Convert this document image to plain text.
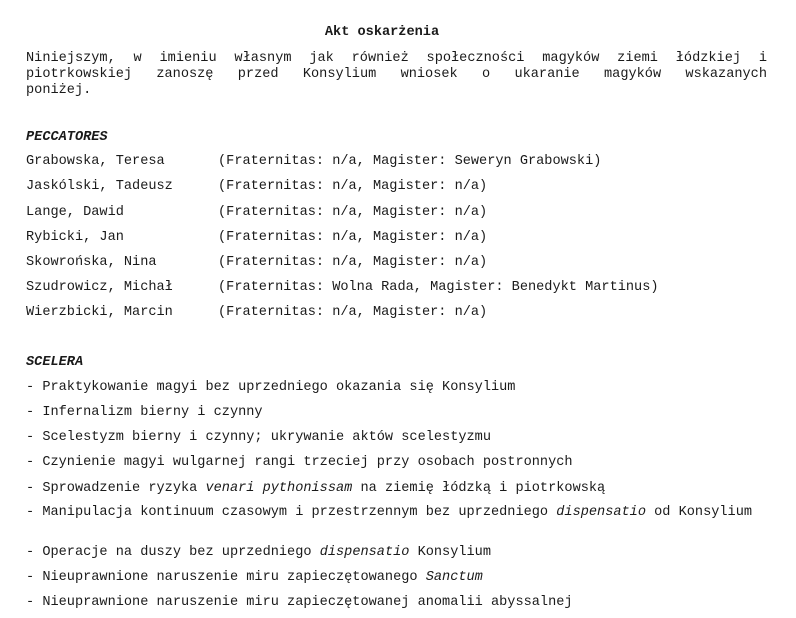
Akt oskarżenia
Niniejszym, w imieniu własnym jak również społeczności magyków ziemi łódzkiej i
piotrkowskiej zanoszę przed Konsylium wniosek o ukaranie magyków wskazanych
poniżej.
PECCATORES
Grabowska, Teresa	(Fraternitas: n/a, Magister: Seweryn Grabowski)
Jaskólski, Tadeusz	(Fraternitas: n/a, Magister: n/a)
Lange, Dawid	(Fraternitas: n/a, Magister: n/a)
Rybicki, Jan	(Fraternitas: n/a, Magister: n/a)
Skowrońska, Nina	(Fraternitas: n/a, Magister: n/a)
Szudrowicz, Michał	(Fraternitas: Wolna Rada, Magister: Benedykt Martinus)
Wierzbicki, Marcin	(Fraternitas: n/a, Magister: n/a)
SCELERA
- Praktykowanie magyi bez uprzedniego okazania się Konsylium
- Infernalizm bierny i czynny
- Scelestyzm bierny i czynny; ukrywanie aktów scelestyzmu
- Czynienie magyi wulgarnej rangi trzeciej przy osobach postronnych
- Sprowadzenie ryzyka venari pythonissam na ziemię łódzką i piotrkowską
- Manipulacja kontinuum czasowym i przestrzennym bez uprzedniego dispensatio od Konsylium
- Operacje na duszy bez uprzedniego dispensatio Konsylium
- Nieuprawnione naruszenie miru zapieczętowanego Sanctum
- Nieuprawnione naruszenie miru zapieczętowanej anomalii abyssalnej
